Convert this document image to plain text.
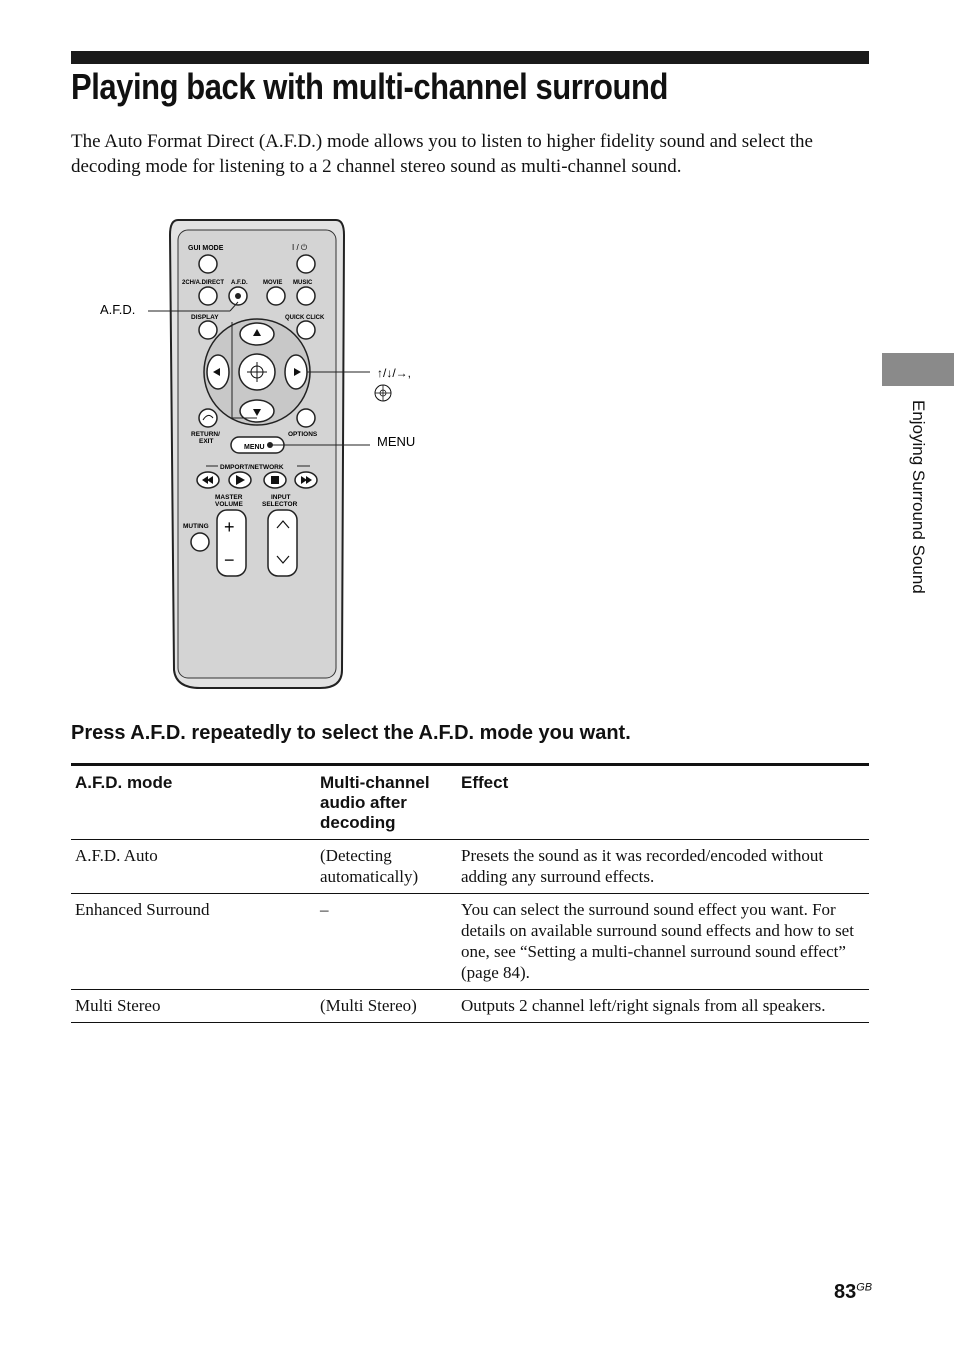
Playing back with multi-channel surround

The Auto Format Direct (A.F.D.) mode allows you to listen to higher fidelity sound and select the decoding mode for listening to a 2 channel stereo sound as multi-channel sound.

Enjoying Surround Sound
GUI MODE	I / ⏻
2CH/A.DIRECT A.F.D.	MOVIE MUSIC
DISPLAY	QUICK CLICK
RETURN/
EXIT
OPTIONS
MENU
DMPORT/NETWORK
MASTER
VOLUME
INPUT
SELECTOR
+
−
MUTING
A.F.D.
↑/↓/→,
MENU
Press A.F.D. repeatedly to select the A.F.D. mode you want.
A.F.D. mode	Multi-channel audio after decoding	Effect
A.F.D. Auto	(Detecting automatically)	Presets the sound as it was recorded/encoded without adding any surround effects.
Enhanced Surround	–	You can select the surround sound effect you want. For details on available surround sound effects and how to set one, see “Setting a multi-channel surround sound effect” (page 84).
Multi Stereo	(Multi Stereo)	Outputs 2 channel left/right signals from all speakers.
$83^{GB}$
